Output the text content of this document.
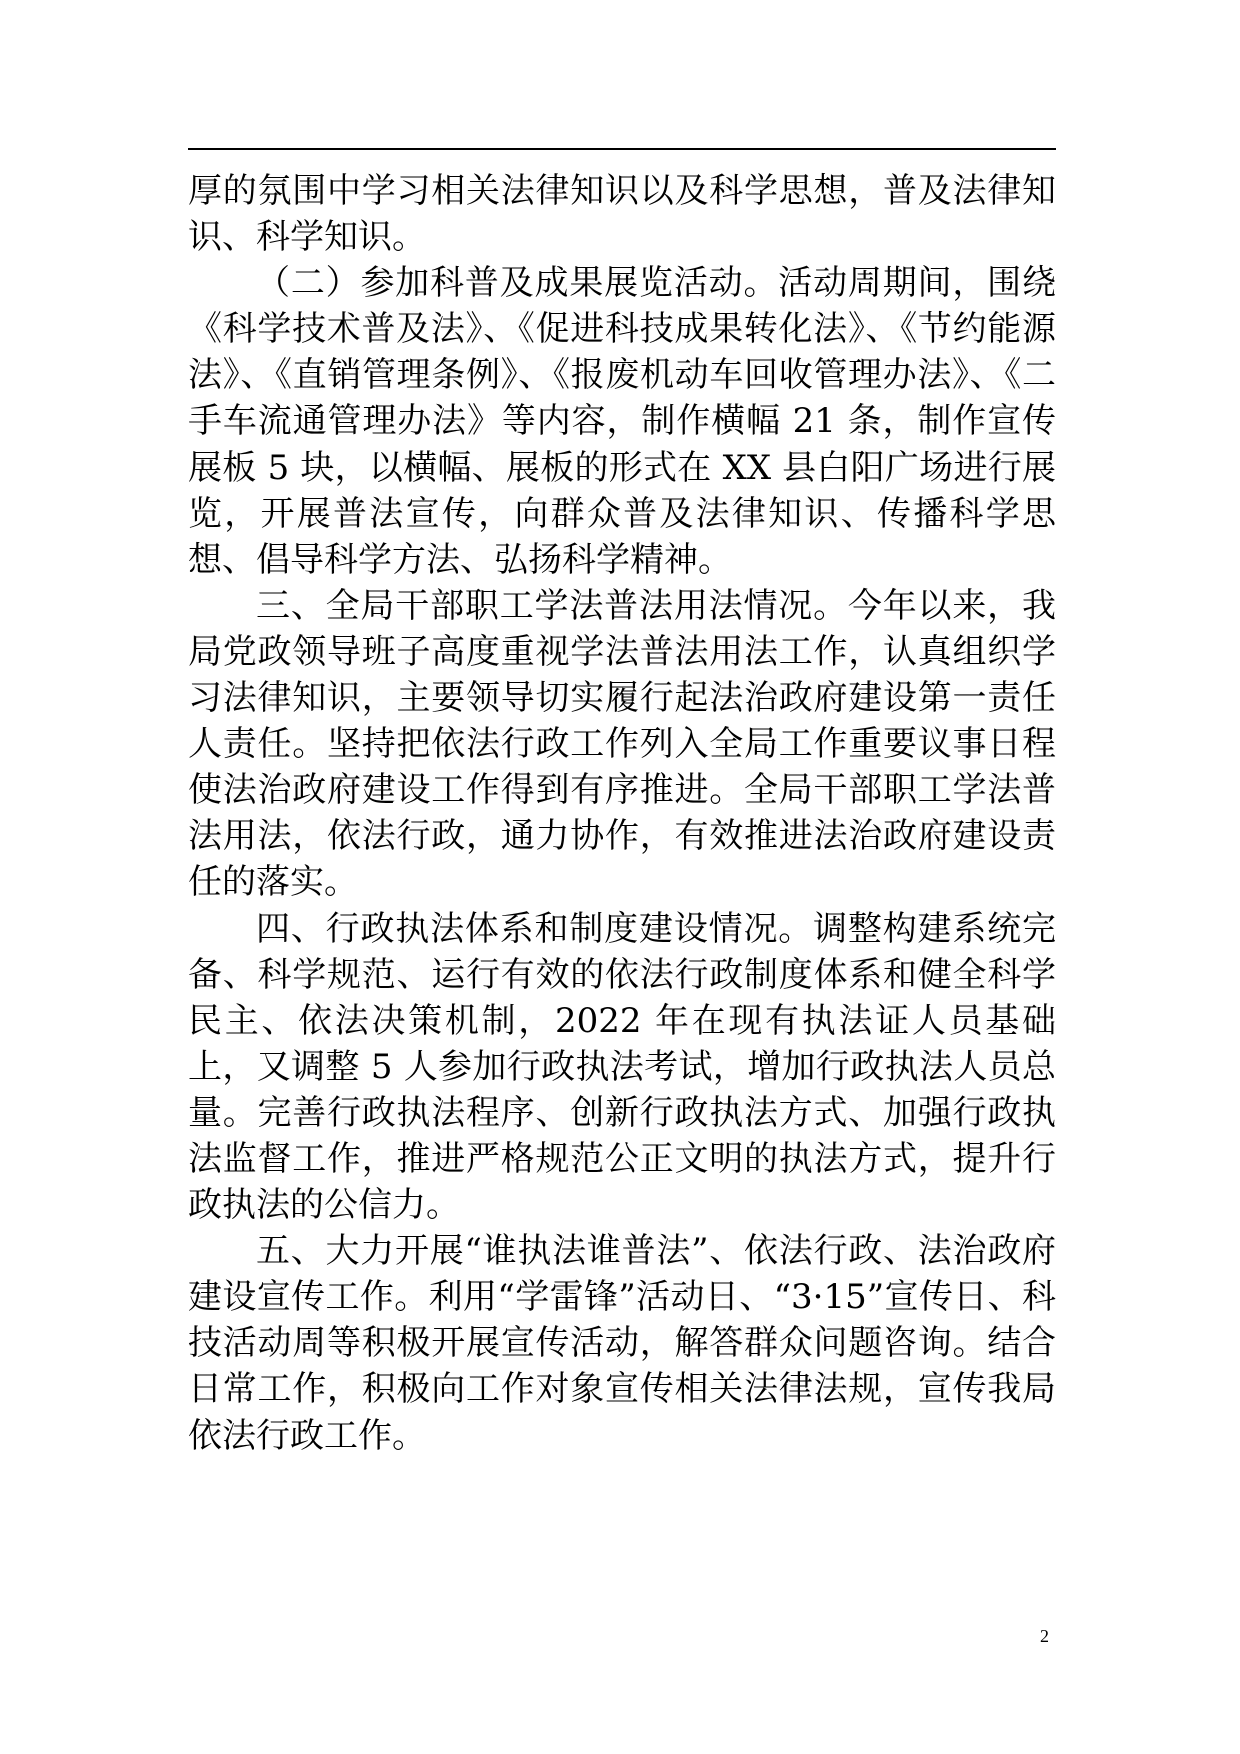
厚的氛围中学习相关法律知识以及科学思想，普及法律知识、科学知识。

（二）参加科普及成果展览活动。活动周期间，围绕《科学技术普及法》、《促进科技成果转化法》、《节约能源法》、《直销管理条例》、《报废机动车回收管理办法》、《二手车流通管理办法》等内容，制作横幅 21 条，制作宣传展板 5 块，以横幅、展板的形式在 XX 县白阳广场进行展览，开展普法宣传，向群众普及法律知识、传播科学思想、倡导科学方法、弘扬科学精神。

三、全局干部职工学法普法用法情况。今年以来，我局党政领导班子高度重视学法普法用法工作，认真组织学习法律知识，主要领导切实履行起法治政府建设第一责任人责任。坚持把依法行政工作列入全局工作重要议事日程使法治政府建设工作得到有序推进。全局干部职工学法普法用法，依法行政，通力协作，有效推进法治政府建设责任的落实。

四、行政执法体系和制度建设情况。调整构建系统完备、科学规范、运行有效的依法行政制度体系和健全科学民主、依法决策机制，2022 年在现有执法证人员基础上，又调整 5 人参加行政执法考试，增加行政执法人员总量。完善行政执法程序、创新行政执法方式、加强行政执法监督工作，推进严格规范公正文明的执法方式，提升行政执法的公信力。

五、大力开展“谁执法谁普法”、依法行政、法治政府建设宣传工作。利用“学雷锋”活动日、“3·15”宣传日、科技活动周等积极开展宣传活动，解答群众问题咨询。结合日常工作，积极向工作对象宣传相关法律法规，宣传我局依法行政工作。

2
